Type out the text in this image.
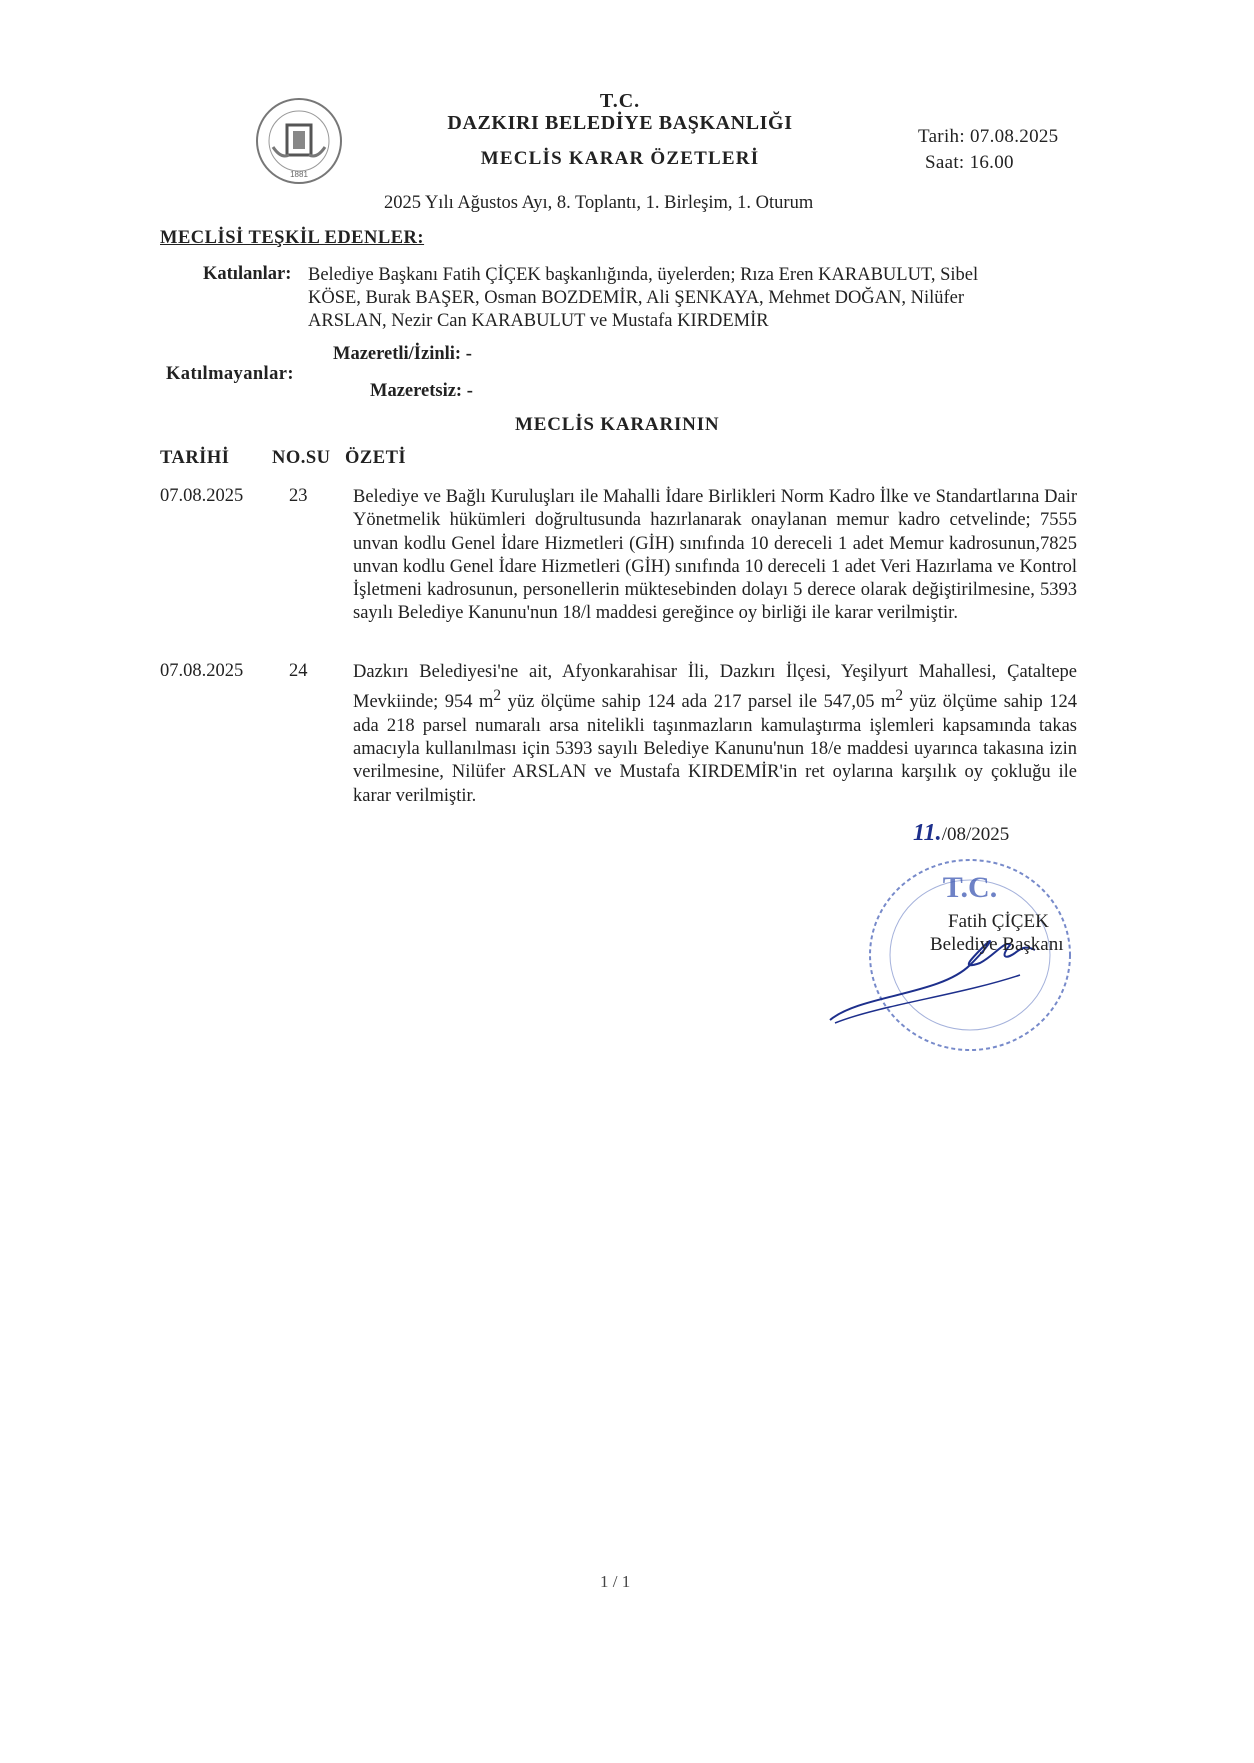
1881
T.C.
DAZKIRI BELEDİYE BAŞKANLIĞI
MECLİS KARAR ÖZETLERİ
Tarih: 07.08.2025
Saat: 16.00
2025 Yılı Ağustos Ayı, 8. Toplantı, 1. Birleşim, 1. Oturum
MECLİSİ TEŞKİL EDENLER:
Katılanlar: Belediye Başkanı Fatih ÇİÇEK başkanlığında, üyelerden; Rıza Eren KARABULUT, Sibel KÖSE, Burak BAŞER, Osman BOZDEMİR, Ali ŞENKAYA, Mehmet DOĞAN, Nilüfer ARSLAN, Nezir Can KARABULUT ve Mustafa KIRDEMİR
Katılmayanlar:
Mazeretli/İzinli: -
Mazeretsiz: -
MECLİS KARARININ
TARİHİ NO.SU ÖZETİ
07.08.2025 23 Belediye ve Bağlı Kuruluşları ile Mahalli İdare Birlikleri Norm Kadro İlke ve Standartlarına Dair Yönetmelik hükümleri doğrultusunda hazırlanarak onaylanan memur kadro cetvelinde; 7555 unvan kodlu Genel İdare Hizmetleri (GİH) sınıfında 10 dereceli 1 adet Memur kadrosunun,7825 unvan kodlu Genel İdare Hizmetleri (GİH) sınıfında 10 dereceli 1 adet Veri Hazırlama ve Kontrol İşletmeni kadrosunun, personellerin müktesebinden dolayı 5 derece olarak değiştirilmesine, 5393 sayılı Belediye Kanunu'nun 18/l maddesi gereğince oy birliği ile karar verilmiştir.
07.08.2025 24 Dazkırı Belediyesi'ne ait, Afyonkarahisar İli, Dazkırı İlçesi, Yeşilyurt Mahallesi, Çataltepe Mevkiinde; 954 $m^2$ yüz ölçüme sahip 124 ada 217 parsel ile 547,05 $m^2$ yüz ölçüme sahip 124 ada 218 parsel numaralı arsa nitelikli taşınmazların kamulaştırma işlemleri kapsamında takas amacıyla kullanılması için 5393 sayılı Belediye Kanunu'nun 18/e maddesi uyarınca takasına izin verilmesine, Nilüfer ARSLAN ve Mustafa KIRDEMİR'in ret oylarına karşılık oy çokluğu ile karar verilmiştir.
11./08/2025
T.C.
Fatih ÇİÇEK
Belediye Başkanı
1 / 1
